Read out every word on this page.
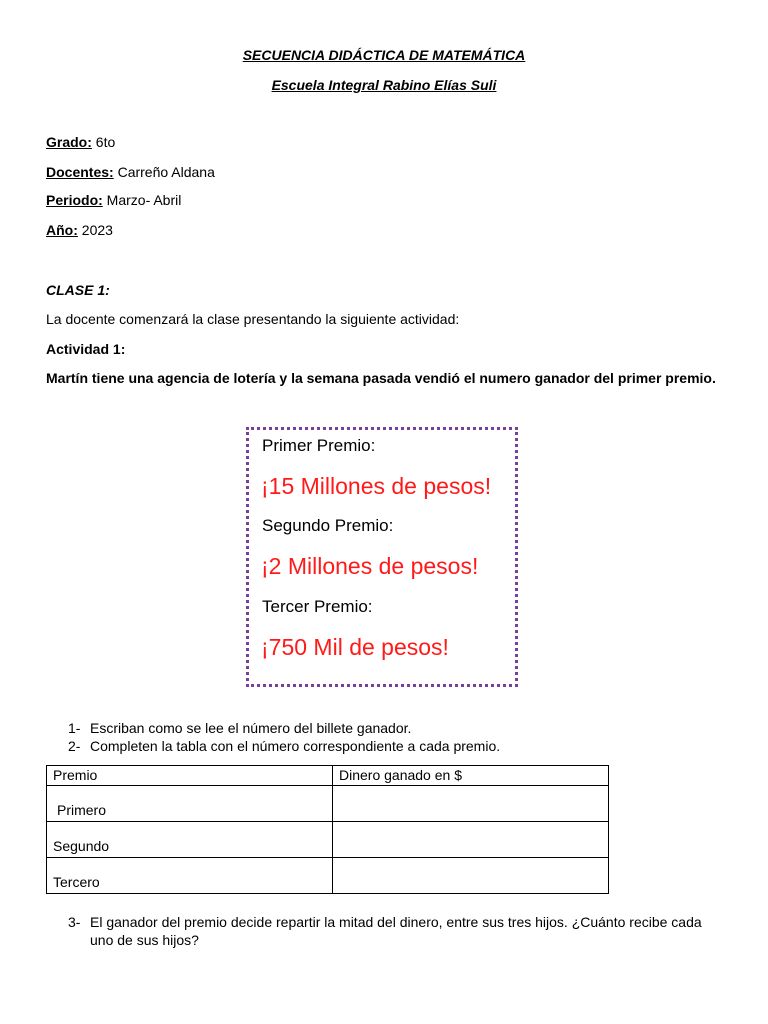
SECUENCIA DIDÁCTICA DE MATEMÁTICA
Escuela Integral Rabino Elías Suli
Grado: 6to
Docentes: Carreño Aldana
Periodo: Marzo- Abril
Año: 2023
CLASE 1:
La docente comenzará la clase presentando la siguiente actividad:
Actividad 1:
Martín tiene una agencia de lotería y la semana pasada vendió el numero ganador del primer premio.
Primer Premio:
¡15 Millones de pesos!
Segundo Premio:
¡2 Millones de pesos!
Tercer Premio:
¡750 Mil de pesos!
1- Escriban como se lee el número del billete ganador.
2- Completen la tabla con el número correspondiente a cada premio.
Premio	Dinero ganado en $
Primero	
Segundo	
Tercero	
3- El ganador del premio decide repartir la mitad del dinero, entre sus tres hijos. ¿Cuánto recibe cada
uno de sus hijos?
